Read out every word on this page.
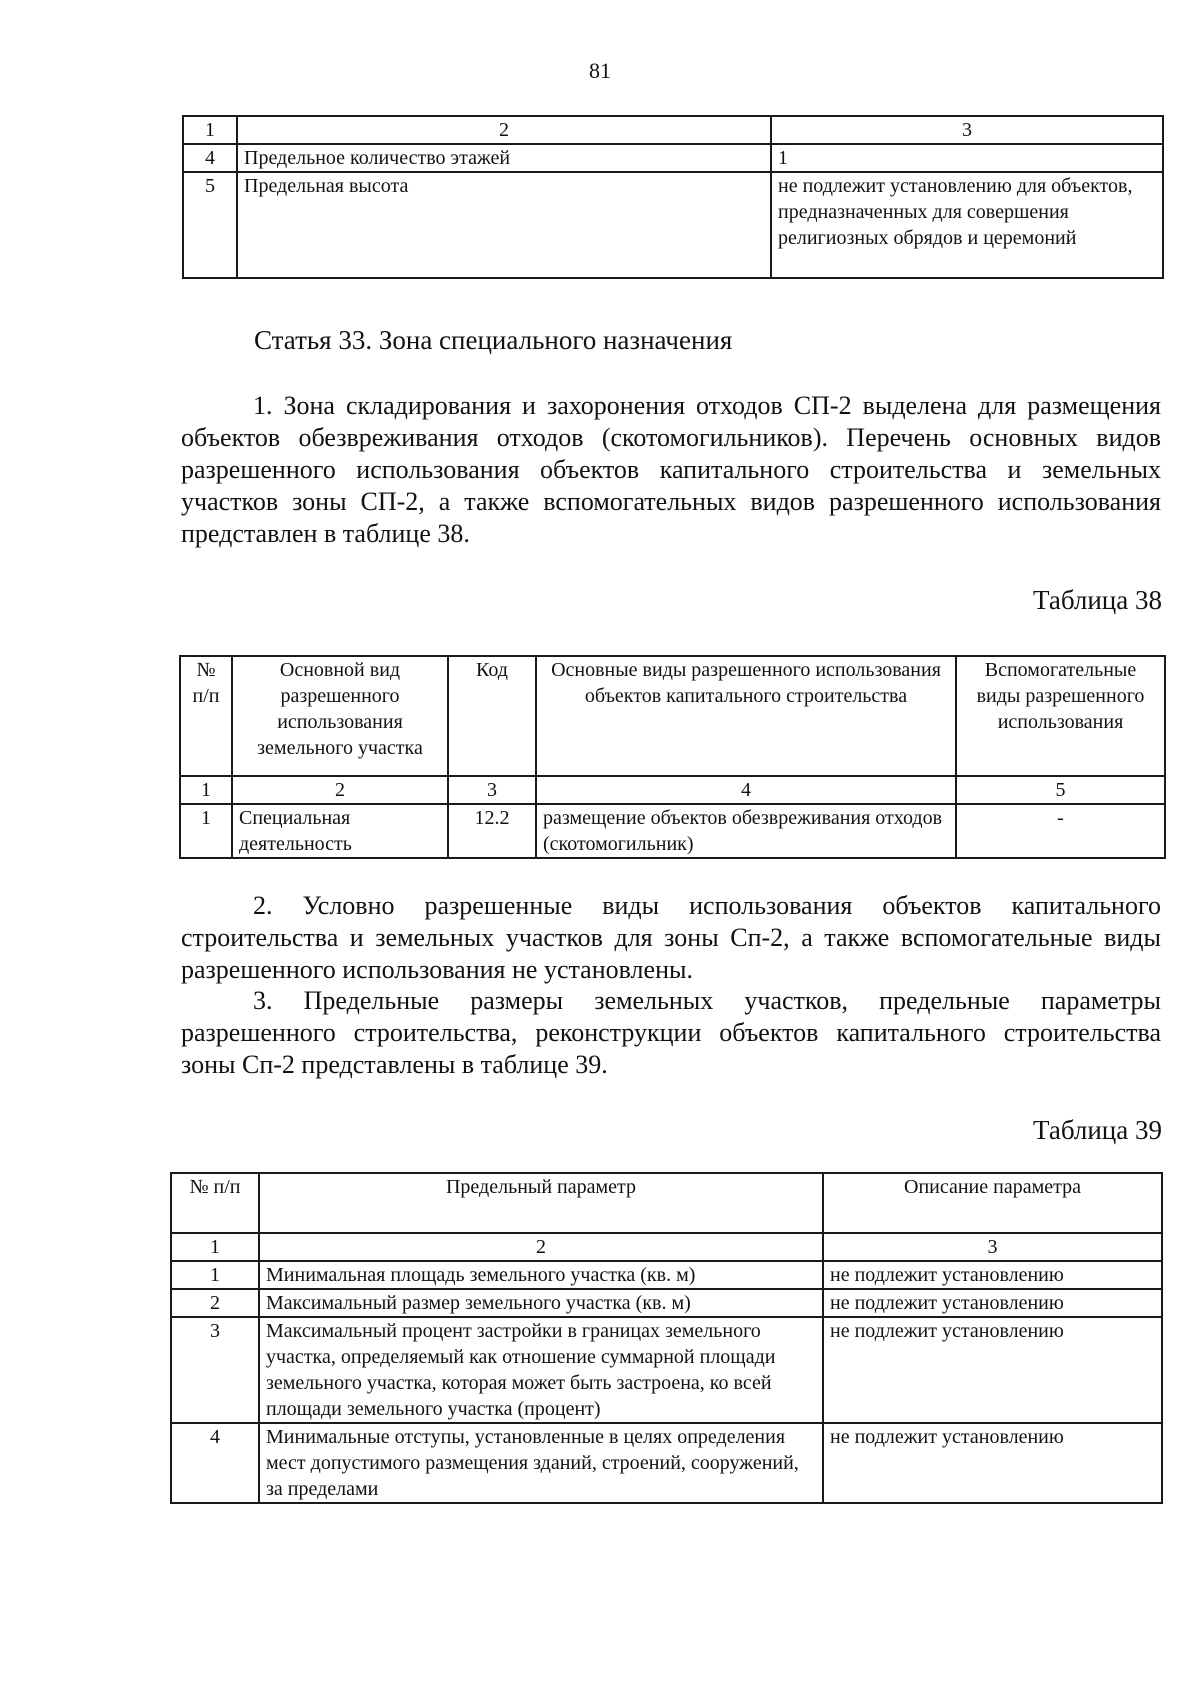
81
1	2	3
4	Предельное количество этажей	1
5	Предельная высота	не подлежит установлению для объектов, предназначенных для совершения религиозных обрядов и церемоний
Статья 33. Зона специального назначения

1. Зона складирования и захоронения отходов СП-2 выделена для размещения объектов обезвреживания отходов (скотомогильников). Перечень основных видов разрешенного использования объектов капитального строительства и земельных участков зоны СП-2, а также вспомогательных видов разрешенного использования представлен в таблице 38.

Таблица 38
№ п/п	Основной вид разрешенного использования земельного участка	Код	Основные виды разрешенного использования объектов капитального строительства	Вспомогательные виды разрешенного использования
1	2	3	4	5
1	Специальная деятельность	12.2	размещение объектов обезвреживания отходов (скотомогильник)	-

2. Условно разрешенные виды использования объектов капитального строительства и земельных участков для зоны Сп-2, а также вспомогательные виды разрешенного использования не установлены.

3. Предельные размеры земельных участков, предельные параметры разрешенного строительства, реконструкции объектов капитального строительства зоны Сп-2 представлены в таблице 39.

Таблица 39
№ п/п	Предельный параметр	Описание параметра
1	2	3
1	Минимальная площадь земельного участка (кв. м)	не подлежит установлению
2	Максимальный размер земельного участка (кв. м)	не подлежит установлению
3	Максимальный процент застройки в границах земельного участка, определяемый как отношение суммарной площади земельного участка, которая может быть застроена, ко всей площади земельного участка (процент)	не подлежит установлению
4	Минимальные отступы, установленные в целях определения мест допустимого размещения зданий, строений, сооружений, за пределами	не подлежит установлению
